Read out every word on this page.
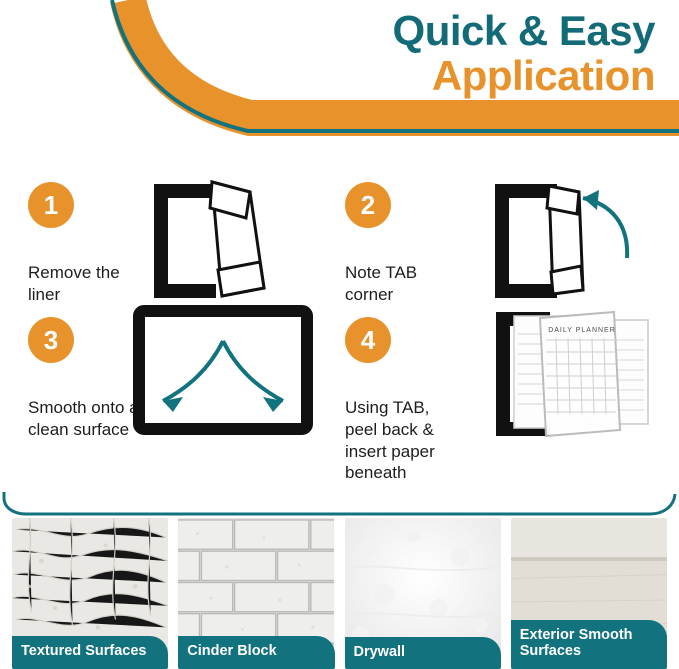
Quick & Easy
Application
1
Remove the liner
2
Note TAB corner
3
Smooth onto a clean surface
4
Using TAB, peel back & insert paper beneath
DAILY PLANNER
Textured Surfaces	Cinder Block	Drywall
Exterior Smooth Surfaces
